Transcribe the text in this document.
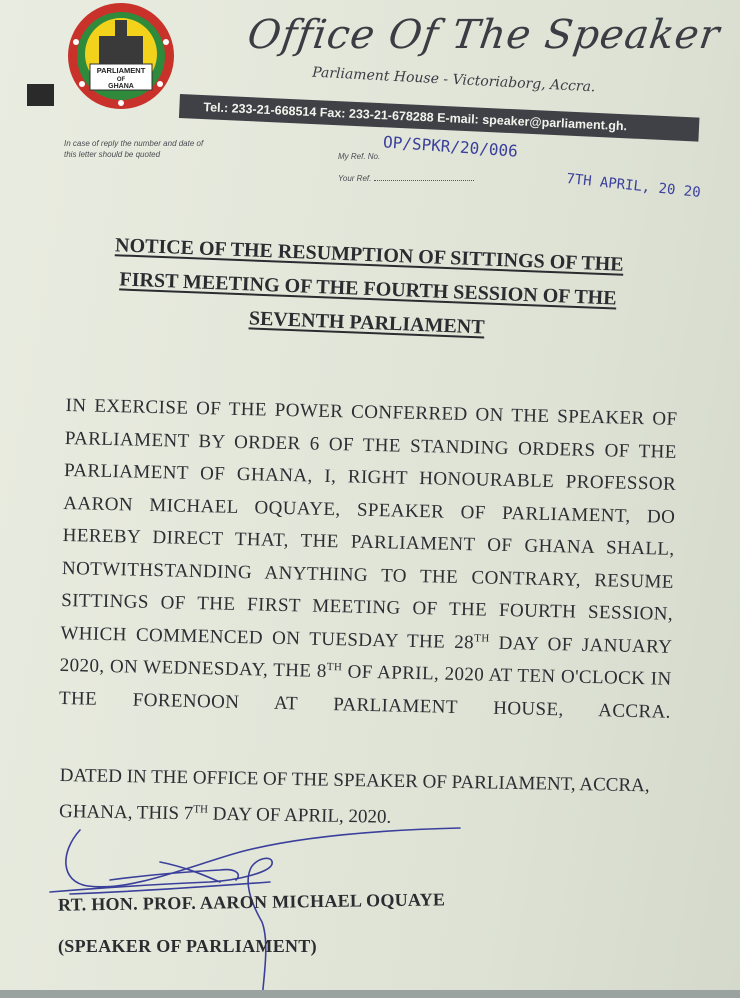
PARLIAMENT
OF
GHANA
Office Of The Speaker
Parliament House - Victoriaborg, Accra.
Tel.: 233-21-668514 Fax: 233-21-678288 E-mail: speaker@parliament.gh.
In case of reply the number and date of this letter should be quoted	My Ref. No. OP/SPKR/20/006
Your Ref.	7TH APRIL, 20 20
NOTICE OF THE RESUMPTION OF SITTINGS OF THE
FIRST MEETING OF THE FOURTH SESSION OF THE
SEVENTH PARLIAMENT
IN EXERCISE OF THE POWER CONFERRED ON THE SPEAKER OF PARLIAMENT BY ORDER 6 OF THE STANDING ORDERS OF THE PARLIAMENT OF GHANA, I, RIGHT HONOURABLE PROFESSOR AARON MICHAEL OQUAYE, SPEAKER OF PARLIAMENT, DO HEREBY DIRECT THAT, THE PARLIAMENT OF GHANA SHALL, NOTWITHSTANDING ANYTHING TO THE CONTRARY, RESUME SITTINGS OF THE FIRST MEETING OF THE FOURTH SESSION, WHICH COMMENCED ON TUESDAY THE 28TH DAY OF JANUARY 2020, ON WEDNESDAY, THE 8TH OF APRIL, 2020 AT TEN O'CLOCK IN THE FORENOON AT PARLIAMENT HOUSE, ACCRA.
DATED IN THE OFFICE OF THE SPEAKER OF PARLIAMENT, ACCRA, GHANA, THIS 7TH DAY OF APRIL, 2020.
RT. HON. PROF. AARON MICHAEL OQUAYE
(SPEAKER OF PARLIAMENT)
